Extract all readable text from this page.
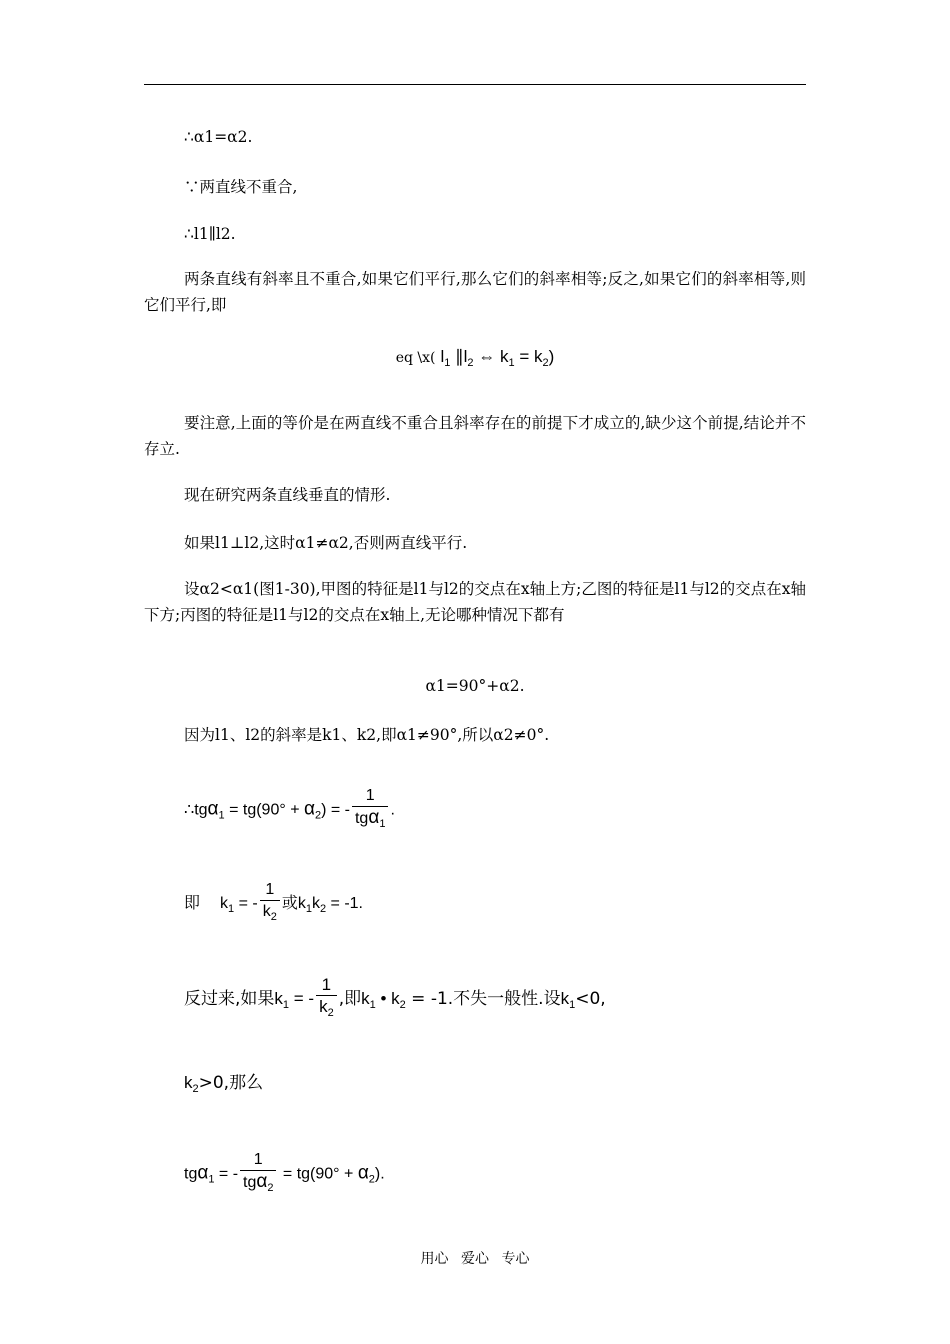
∴α1=α2.
∵两直线不重合,
∴l1∥l2.
两条直线有斜率且不重合,如果它们平行,那么它们的斜率相等;反之,如果它们的斜率相等,则它们平行,即
eq \x( $l_1$ $\parallel l_2$ ⇔ $k_1 = k_2$)
要注意,上面的等价是在两直线不重合且斜率存在的前提下才成立的,缺少这个前提,结论并不存立.
现在研究两条直线垂直的情形.
如果l1⊥l2,这时α1≠α2,否则两直线平行.
设α2<α1(图1-30),甲图的特征是l1与l2的交点在x轴上方;乙图的特征是l1与l2的交点在x轴下方;丙图的特征是l1与l2的交点在x轴上,无论哪种情况下都有
α1=90°+α2.
因为l1、l2的斜率是k1、k2,即α1≠90°,所以α2≠0°.
∴tgα$_1$ = $tg(90^\circ + \alpha_2)$ = - $\frac{1}{tg\alpha_1}$ .
即 $k_1$ = - $\frac{1}{k_2}$ 或$k_1k_2 = -1$.
反过来,如果$k_1$ = - $\frac{1}{k_2}$ ,即$k_1$ • $k_2 = -1$.不失一般性.设$k_1<0$,
$k_2>0$,那么
tgα$_1$ = - $\frac{1}{tg\alpha_2} = tg(90^\circ + \alpha_2)$.
用心 爱心 专心
